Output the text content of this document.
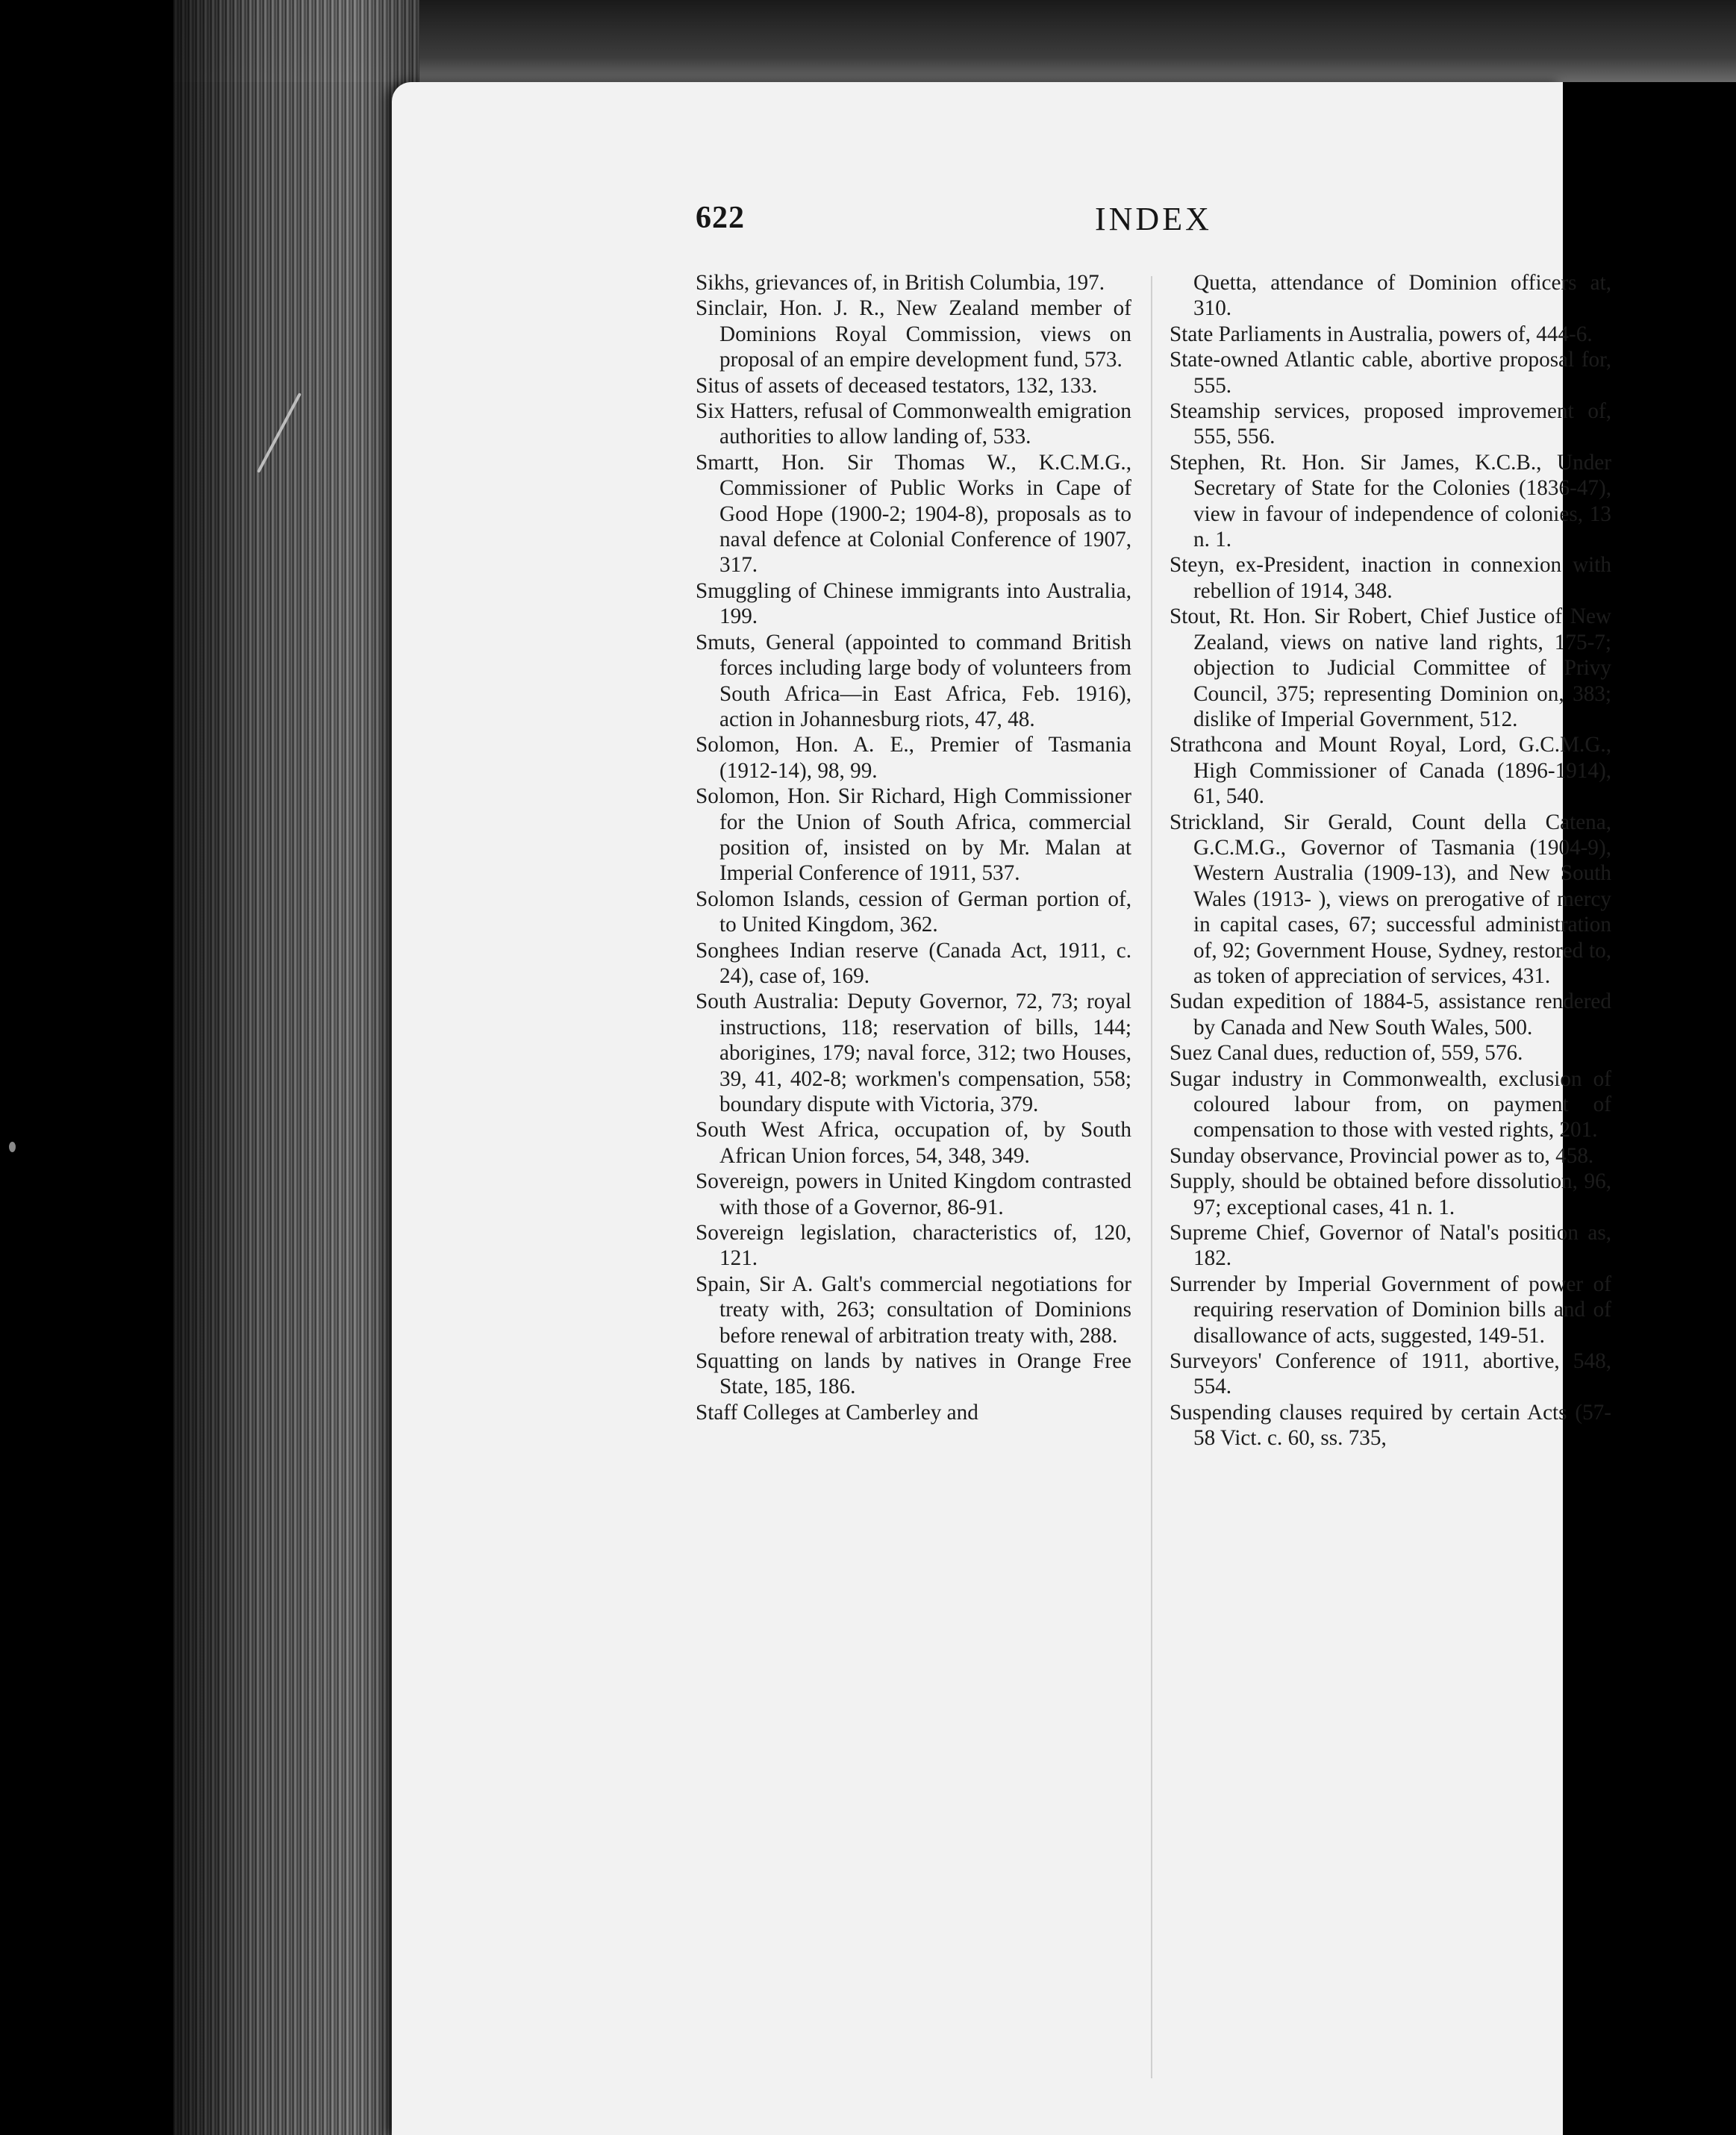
622	INDEX
Sikhs, grievances of, in British Columbia, 197.
Sinclair, Hon. J. R., New Zealand member of Dominions Royal Commission, views on proposal of an empire development fund, 573.
Situs of assets of deceased testators, 132, 133.
Six Hatters, refusal of Commonwealth emigration authorities to allow landing of, 533.
Smartt, Hon. Sir Thomas W., K.C.M.G., Commissioner of Public Works in Cape of Good Hope (1900-2; 1904-8), proposals as to naval defence at Colonial Conference of 1907, 317.
Smuggling of Chinese immigrants into Australia, 199.
Smuts, General (appointed to command British forces including large body of volunteers from South Africa—in East Africa, Feb. 1916), action in Johannesburg riots, 47, 48.
Solomon, Hon. A. E., Premier of Tasmania (1912-14), 98, 99.
Solomon, Hon. Sir Richard, High Commissioner for the Union of South Africa, commercial position of, insisted on by Mr. Malan at Imperial Conference of 1911, 537.
Solomon Islands, cession of German portion of, to United Kingdom, 362.
Songhees Indian reserve (Canada Act, 1911, c. 24), case of, 169.
South Australia: Deputy Governor, 72, 73; royal instructions, 118; reservation of bills, 144; aborigines, 179; naval force, 312; two Houses, 39, 41, 402-8; workmen's compensation, 558; boundary dispute with Victoria, 379.
South West Africa, occupation of, by South African Union forces, 54, 348, 349.
Sovereign, powers in United Kingdom contrasted with those of a Governor, 86-91.
Sovereign legislation, characteristics of, 120, 121.
Spain, Sir A. Galt's commercial negotiations for treaty with, 263; consultation of Dominions before renewal of arbitration treaty with, 288.
Squatting on lands by natives in Orange Free State, 185, 186.
Staff Colleges at Camberley and
Quetta, attendance of Dominion officers at, 310.
State Parliaments in Australia, powers of, 444-6.
State-owned Atlantic cable, abortive proposal for, 555.
Steamship services, proposed improvement of, 555, 556.
Stephen, Rt. Hon. Sir James, K.C.B., Under Secretary of State for the Colonies (1836-47), view in favour of independence of colonies, 13 n. 1.
Steyn, ex-President, inaction in connexion with rebellion of 1914, 348.
Stout, Rt. Hon. Sir Robert, Chief Justice of New Zealand, views on native land rights, 175-7; objection to Judicial Committee of Privy Council, 375; representing Dominion on, 383; dislike of Imperial Government, 512.
Strathcona and Mount Royal, Lord, G.C.M.G., High Commissioner of Canada (1896-1914), 61, 540.
Strickland, Sir Gerald, Count della Catena, G.C.M.G., Governor of Tasmania (1904-9), Western Australia (1909-13), and New South Wales (1913- ), views on prerogative of mercy in capital cases, 67; successful administration of, 92; Government House, Sydney, restored to, as token of appreciation of services, 431.
Sudan expedition of 1884-5, assistance rendered by Canada and New South Wales, 500.
Suez Canal dues, reduction of, 559, 576.
Sugar industry in Commonwealth, exclusion of coloured labour from, on payment of compensation to those with vested rights, 201.
Sunday observance, Provincial power as to, 458.
Supply, should be obtained before dissolution, 96, 97; exceptional cases, 41 n. 1.
Supreme Chief, Governor of Natal's position as, 182.
Surrender by Imperial Government of power of requiring reservation of Dominion bills and of disallowance of acts, suggested, 149-51.
Surveyors' Conference of 1911, abortive, 548, 554.
Suspending clauses required by certain Acts (57-58 Vict. c. 60, ss. 735,
